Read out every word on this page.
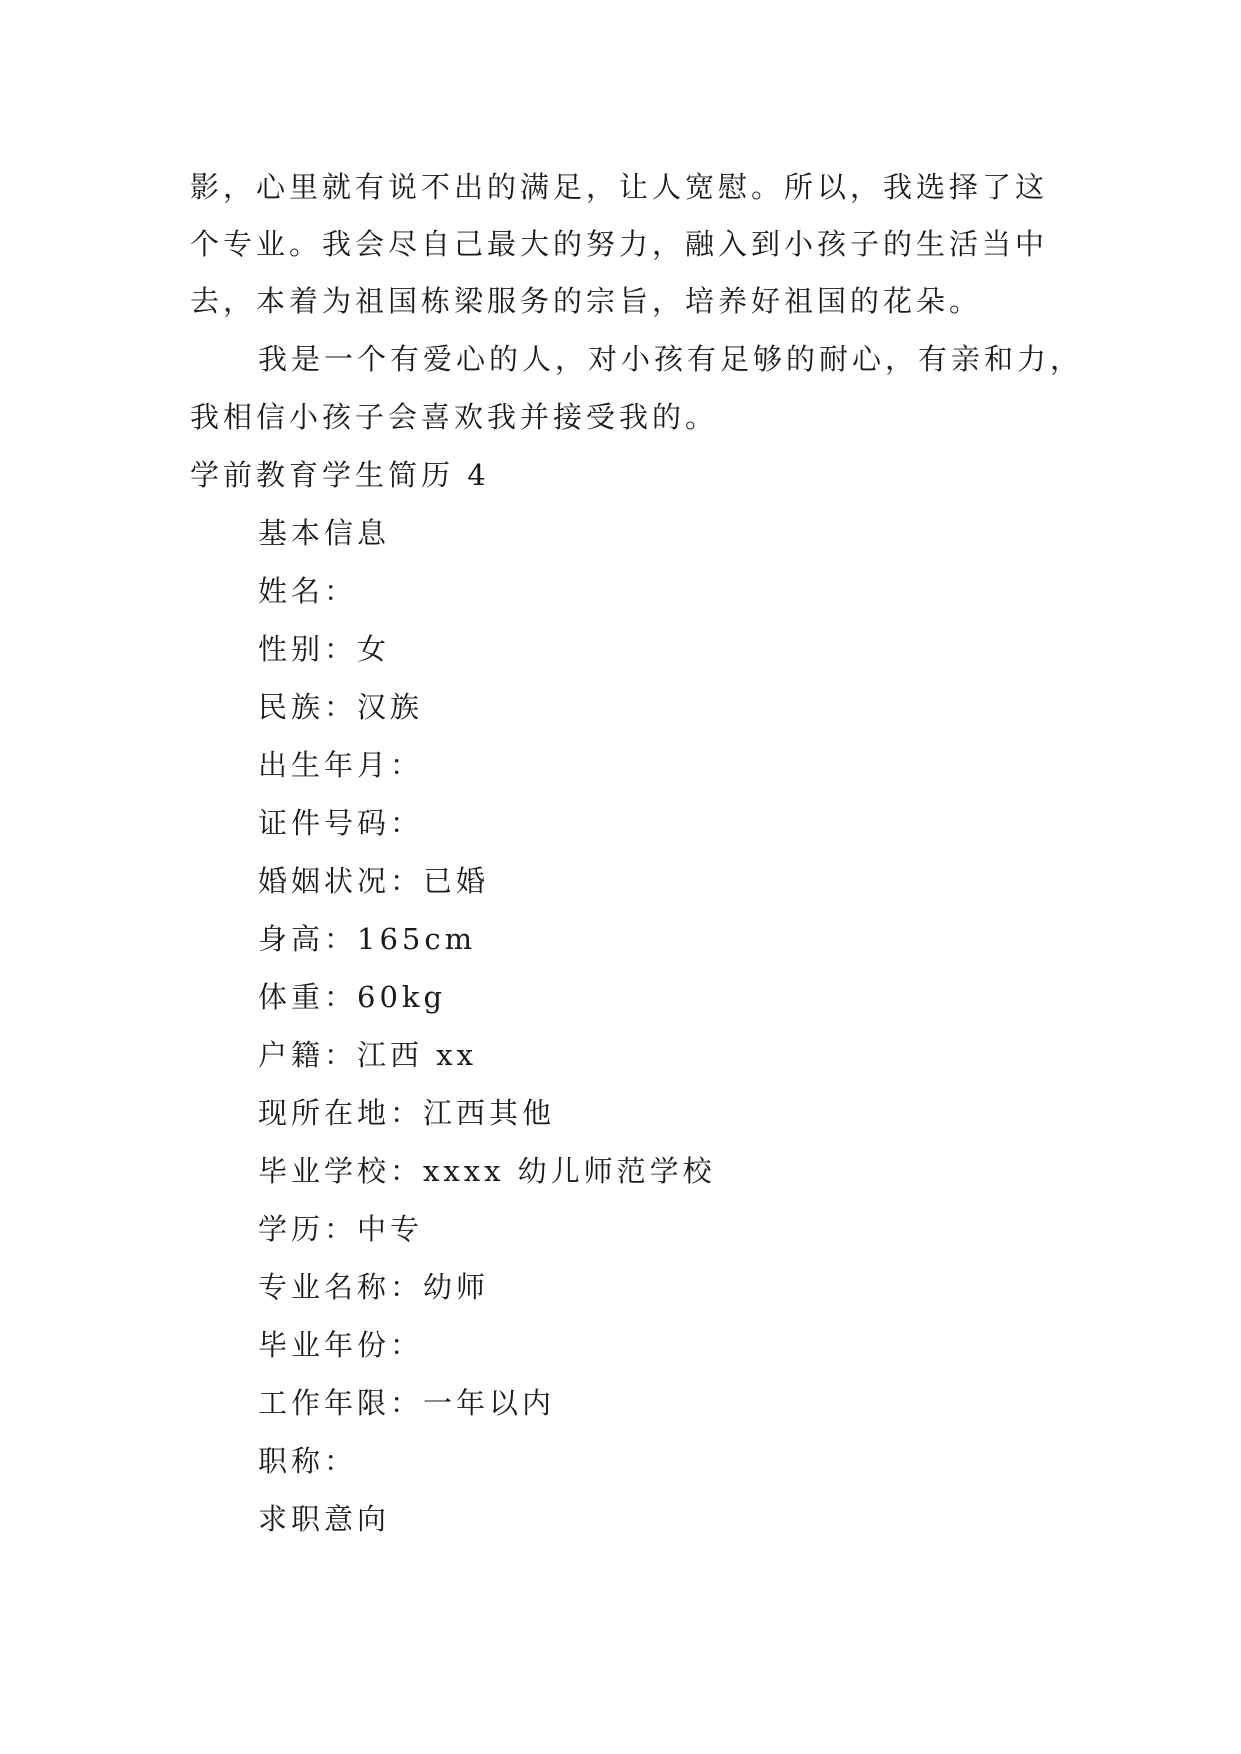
影，心里就有说不出的满足，让人宽慰。所以，我选择了这
个专业。我会尽自己最大的努力，融入到小孩子的生活当中
去，本着为祖国栋梁服务的宗旨，培养好祖国的花朵。
我是一个有爱心的人，对小孩有足够的耐心，有亲和力，
我相信小孩子会喜欢我并接受我的。
学前教育学生简历 4
基本信息
姓名：
性别：女
民族：汉族
出生年月：
证件号码：
婚姻状况：已婚
身高：165cm
体重：60kg
户籍：江西 xx
现所在地：江西其他
毕业学校：xxxx 幼儿师范学校
学历：中专
专业名称：幼师
毕业年份：
工作年限：一年以内
职称：
求职意向
